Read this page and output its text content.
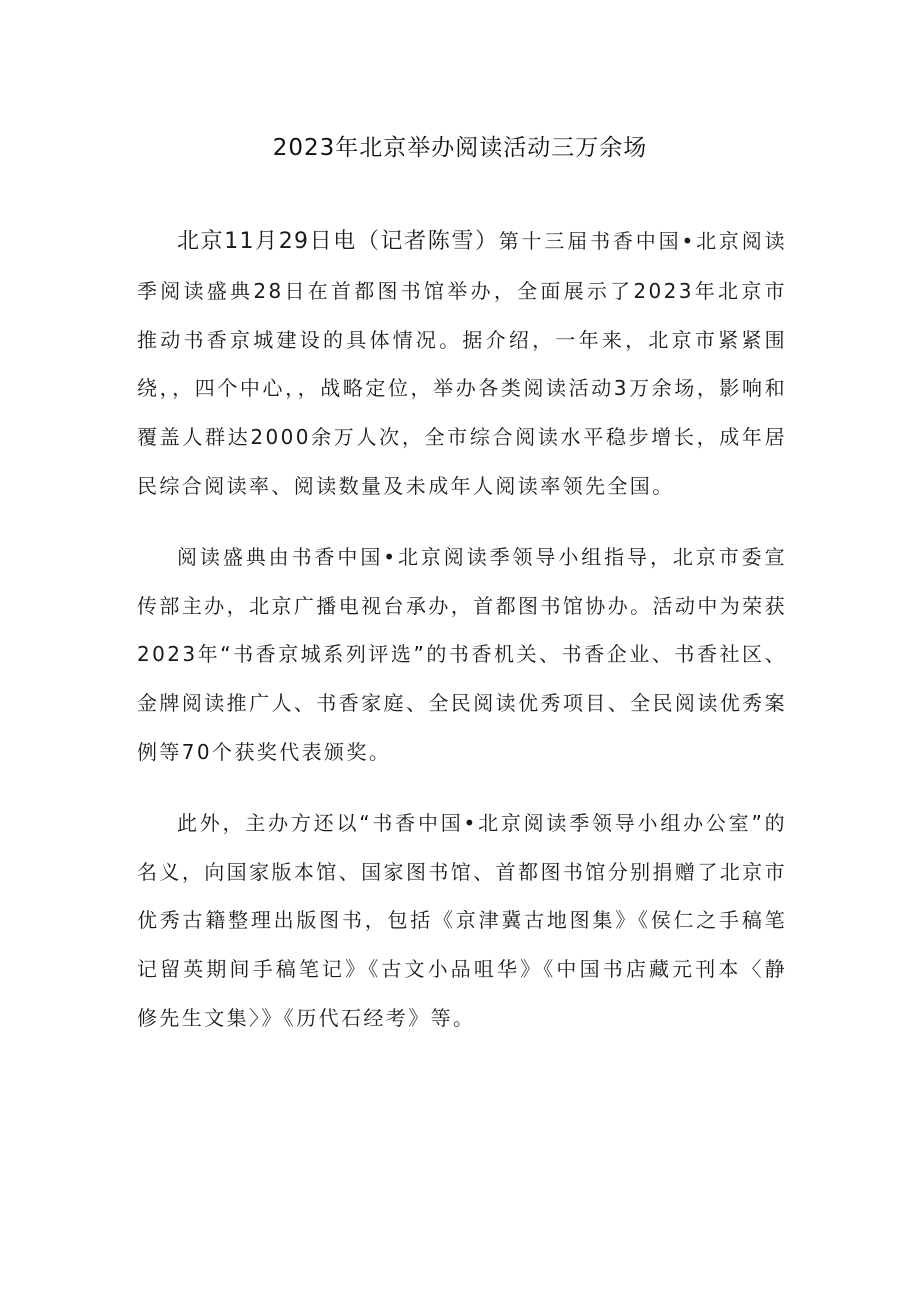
2023年北京举办阅读活动三万余场

北京11月29日电（记者陈雪）第十三届书香中国•北京阅读季阅读盛典28日在首都图书馆举办，全面展示了2023年北京市推动书香京城建设的具体情况。据介绍，一年来，北京市紧紧围绕，，四个中心，，战略定位，举办各类阅读活动3万余场，影响和覆盖人群达2000余万人次，全市综合阅读水平稳步增长，成年居民综合阅读率、阅读数量及未成年人阅读率领先全国。

阅读盛典由书香中国•北京阅读季领导小组指导，北京市委宣传部主办，北京广播电视台承办，首都图书馆协办。活动中为荣获2023年“书香京城系列评选”的书香机关、书香企业、书香社区、金牌阅读推广人、书香家庭、全民阅读优秀项目、全民阅读优秀案例等70个获奖代表颁奖。

此外，主办方还以“书香中国•北京阅读季领导小组办公室”的名义，向国家版本馆、国家图书馆、首都图书馆分别捐赠了北京市优秀古籍整理出版图书，包括《京津冀古地图集》《侯仁之手稿笔记留英期间手稿笔记》《古文小品咀华》《中国书店藏元刊本〈静修先生文集〉》《历代石经考》等。
